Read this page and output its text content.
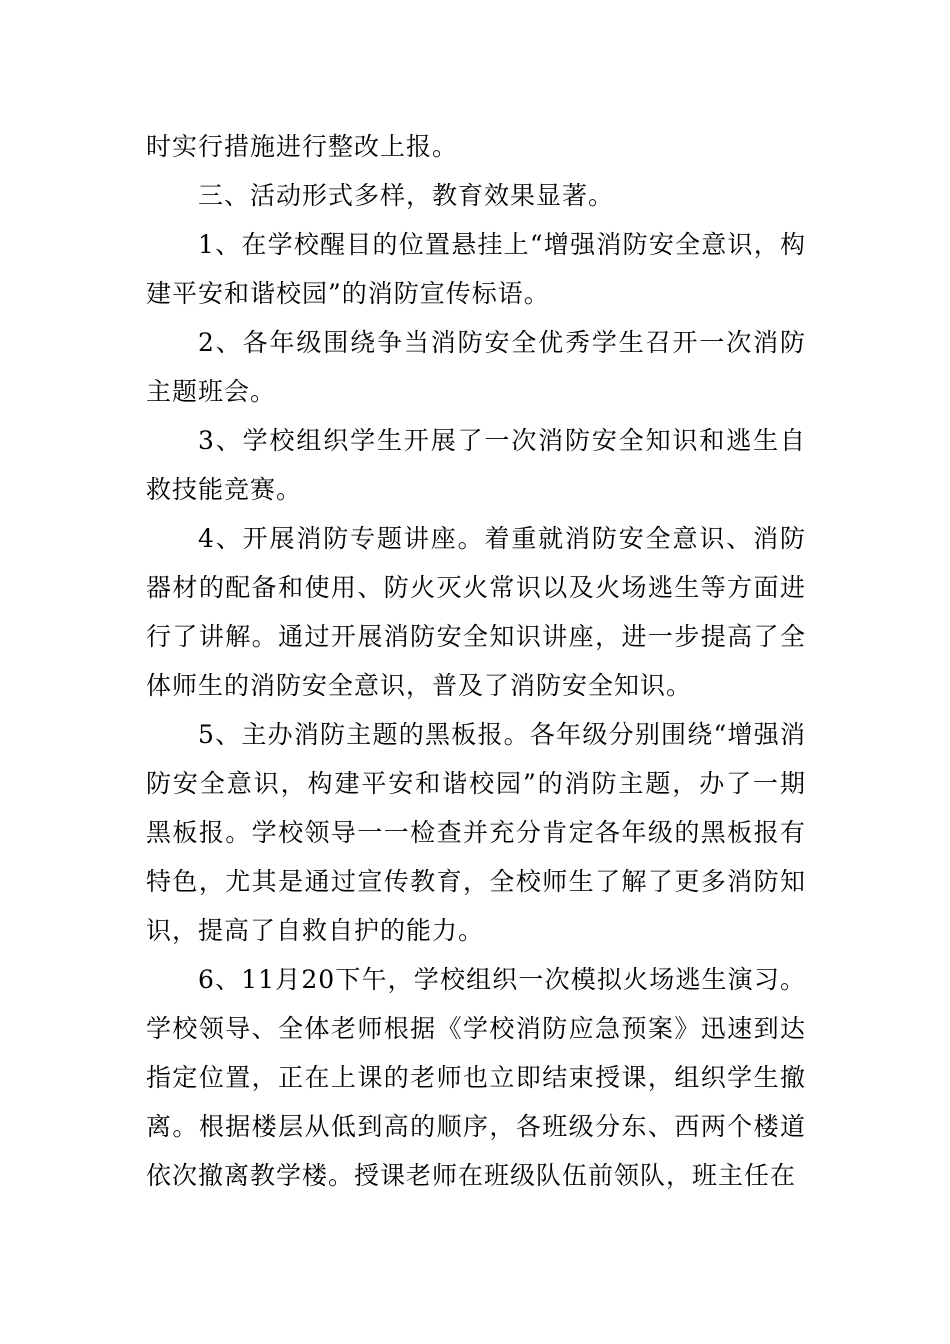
时实行措施进行整改上报。

三、活动形式多样，教育效果显著。

1、在学校醒目的位置悬挂上“增强消防安全意识，构建平安和谐校园”的消防宣传标语。

2、各年级围绕争当消防安全优秀学生召开一次消防主题班会。

3、学校组织学生开展了一次消防安全知识和逃生自救技能竞赛。

4、开展消防专题讲座。着重就消防安全意识、消防器材的配备和使用、防火灭火常识以及火场逃生等方面进行了讲解。通过开展消防安全知识讲座，进一步提高了全体师生的消防安全意识，普及了消防安全知识。

5、主办消防主题的黑板报。各年级分别围绕“增强消防安全意识，构建平安和谐校园”的消防主题，办了一期黑板报。学校领导一一检查并充分肯定各年级的黑板报有特色，尤其是通过宣传教育，全校师生了解了更多消防知识，提高了自救自护的能力。

6、11月20下午，学校组织一次模拟火场逃生演习。学校领导、全体老师根据《学校消防应急预案》迅速到达指定位置，正在上课的老师也立即结束授课，组织学生撤离。根据楼层从低到高的顺序，各班级分东、西两个楼道依次撤离教学楼。授课老师在班级队伍前领队，班主任在
